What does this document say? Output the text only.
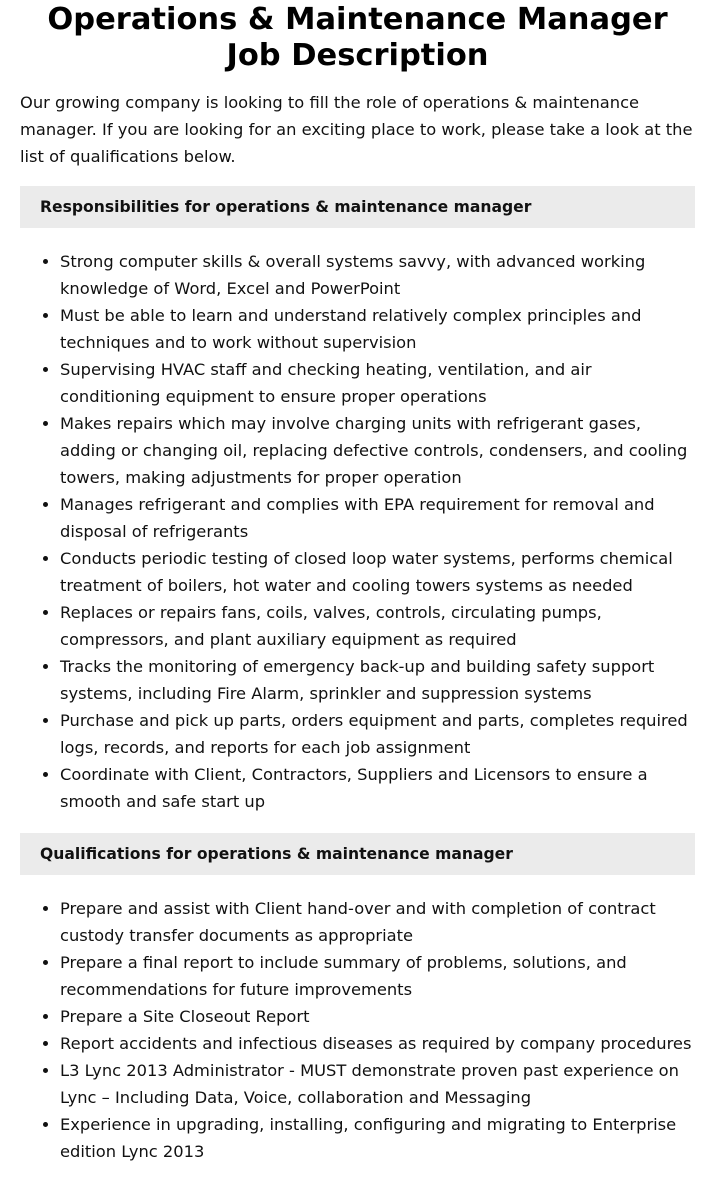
Operations & Maintenance Manager Job Description

Our growing company is looking to fill the role of operations & maintenance manager. If you are looking for an exciting place to work, please take a look at the list of qualifications below.

Responsibilities for operations & maintenance manager
• Strong computer skills & overall systems savvy, with advanced working knowledge of Word, Excel and PowerPoint
• Must be able to learn and understand relatively complex principles and techniques and to work without supervision
• Supervising HVAC staff and checking heating, ventilation, and air conditioning equipment to ensure proper operations
• Makes repairs which may involve charging units with refrigerant gases, adding or changing oil, replacing defective controls, condensers, and cooling towers, making adjustments for proper operation
• Manages refrigerant and complies with EPA requirement for removal and disposal of refrigerants
• Conducts periodic testing of closed loop water systems, performs chemical treatment of boilers, hot water and cooling towers systems as needed
• Replaces or repairs fans, coils, valves, controls, circulating pumps, compressors, and plant auxiliary equipment as required
• Tracks the monitoring of emergency back-up and building safety support systems, including Fire Alarm, sprinkler and suppression systems
• Purchase and pick up parts, orders equipment and parts, completes required logs, records, and reports for each job assignment
• Coordinate with Client, Contractors, Suppliers and Licensors to ensure a smooth and safe start up
Qualifications for operations & maintenance manager
• Prepare and assist with Client hand-over and with completion of contract custody transfer documents as appropriate
• Prepare a final report to include summary of problems, solutions, and recommendations for future improvements
• Prepare a Site Closeout Report
• Report accidents and infectious diseases as required by company procedures
• L3 Lync 2013 Administrator - MUST demonstrate proven past experience on Lync – Including Data, Voice, collaboration and Messaging
• Experience in upgrading, installing, configuring and migrating to Enterprise edition Lync 2013
